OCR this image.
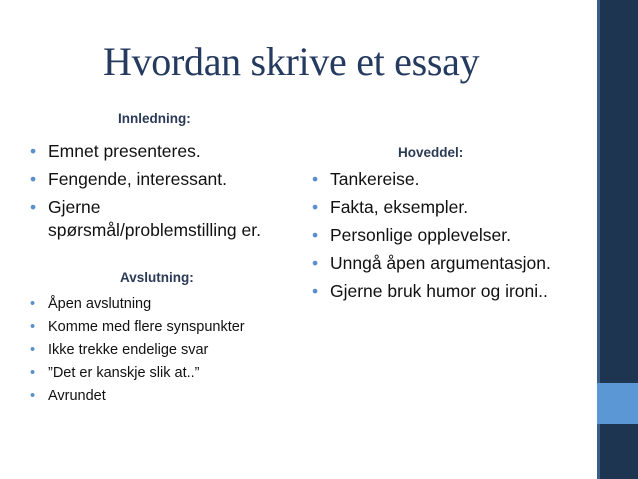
Hvordan skrive et essay
Innledning:
• Emnet presenteres.
• Fengende, interessant.
• Gjerne spørsmål/problemstilling er.
Hoveddel:
• Tankereise.
• Fakta, eksempler.
• Personlige opplevelser.
• Unngå åpen argumentasjon.
• Gjerne bruk humor og ironi..
Avslutning:
• Åpen avslutning
• Komme med flere synspunkter
• Ikke trekke endelige svar
• ”Det er kanskje slik at..”
• Avrundet
